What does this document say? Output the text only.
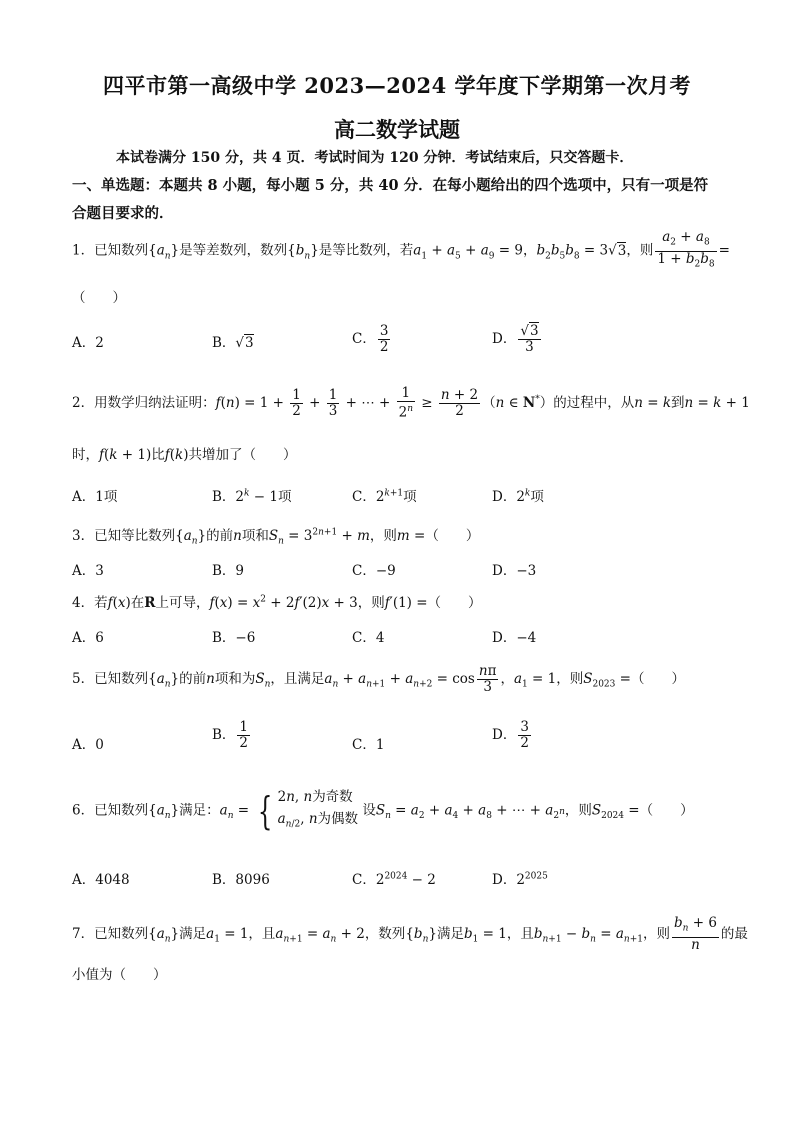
四平市第一高级中学 2023—2024 学年度下学期第一次月考
高二数学试题
本试卷满分 150 分，共 4 页．考试时间为 120 分钟．考试结束后，只交答题卡．
一、单选题：本题共 8 小题，每小题 5 分，共 40 分．在每小题给出的四个选项中，只有一项是符合题目要求的．
1．已知数列$\{a_n\}$是等差数列，数列$\{b_n\}$是等比数列，若$a_1 + a_5 + a_9 = 9$，$b_2b_5b_8 = 3√3$，则 $\frac{a_2 + a_8}{1 + b_2b_8}$ =
（　　）
A．2	B．√3	C． $\frac{3}{2}$	D． $\frac{√3}{3}$
2．用数学归纳法证明：$f(n) = 1 + \frac{1}{2} + \frac{1}{3}$ + ⋯ + $\frac{1}{2^n} \ge \frac{n + 2}{2} (n$ ∈ N*）的过程中，从n = k到n = k + 1
时，f(k + 1)比f(k)共增加了（　　）
A．1项	B．$2^k - 1$项	C．$2^{k+1}$项	D．2$^k$项
3．已知等比数列$\{a_n\}$的前n项和$S_n = 3^{2n+1} + m$，则m =（　　）
A．3	B．9	C．−9	D．−3
4．若f(x)在R上可导，$f(x) = x^2 + 2f'(2)x + 3$，则f′(1) =（　　）
A．6	B．−6	C．4	D．−4
5．已知数列$\{a_n\}$的前n项和为$S_n$，且满足$a_n + a_{n+1} + a_{n+2} = \cos \frac{n\pi}{3}$ ，$a_1 = 1$，则$S_{2023}$ =（　　）
A．0
B． $\frac{1}{2}$	C．1
D． $\frac{3}{2}$
6．已知数列$\{a_n\}$满足：$a_n$ = { 2n, n为奇数
$a_{n/2}$, n为偶数
设$S_n = a_2 + a_4 + a_8$ + ⋯ + $a_{2^n}$，则$S_{2024}$ =（　　）
A．4048	B．8096	C．$2^{2024} - 2$	D．$2^{2025}$
7．已知数列$\{a_n\}$满足$a_1 = 1$，且$a_{n+1} = a_n + 2$，数列$\{b_n\}$满足$b_1 = 1$，且$b_{n+1} - b_n = a_{n+1}$，则 $\frac{b_n + 6}{n}$ 的最
小值为（　　）
